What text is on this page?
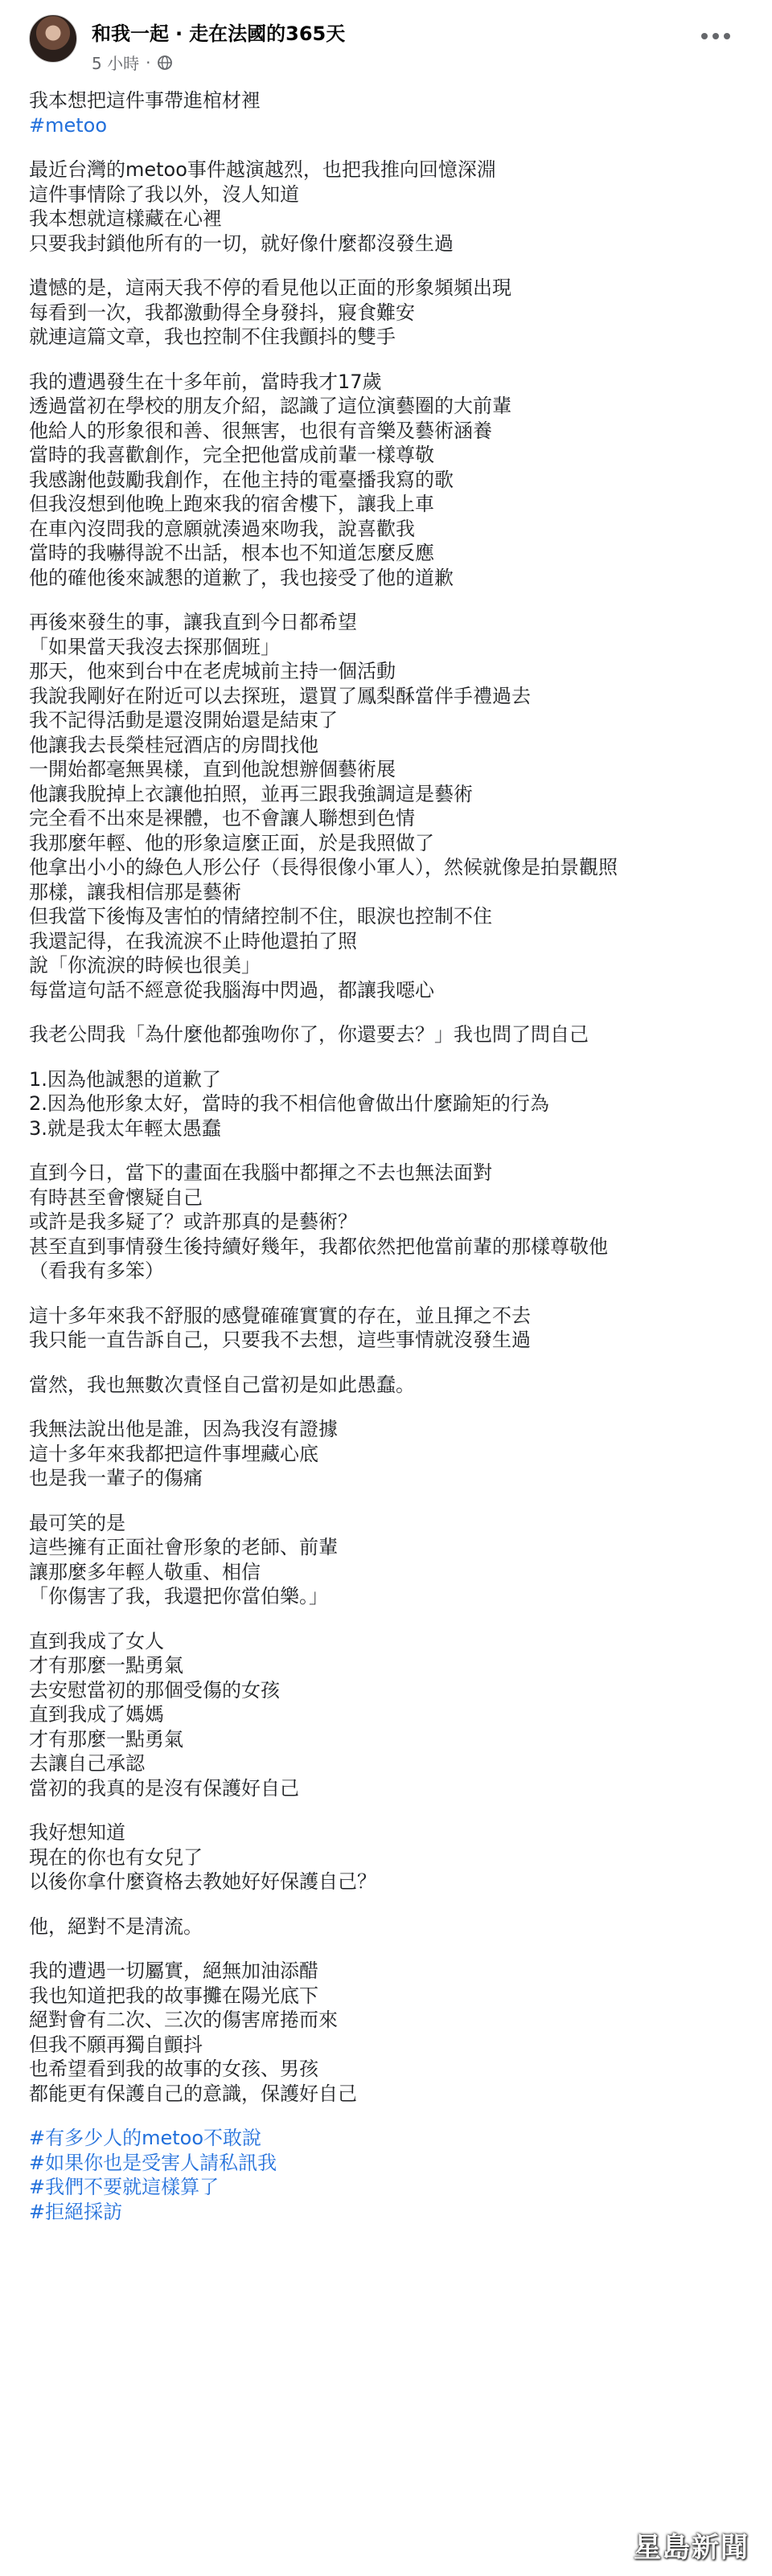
和我一起 · 走在法國的365天
5 小時 ·
我本想把這件事帶進棺材裡
#metoo
最近台灣的metoo事件越演越烈，也把我推向回憶深淵
這件事情除了我以外，沒人知道
我本想就這樣藏在心裡
只要我封鎖他所有的一切，就好像什麼都沒發生過
遺憾的是，這兩天我不停的看見他以正面的形象頻頻出現
每看到一次，我都激動得全身發抖，寢食難安
就連這篇文章，我也控制不住我顫抖的雙手
我的遭遇發生在十多年前，當時我才17歲
透過當初在學校的朋友介紹，認識了這位演藝圈的大前輩
他給人的形象很和善、很無害，也很有音樂及藝術涵養
當時的我喜歡創作，完全把他當成前輩一樣尊敬
我感謝他鼓勵我創作，在他主持的電臺播我寫的歌
但我沒想到他晚上跑來我的宿舍樓下，讓我上車
在車內沒問我的意願就湊過來吻我，說喜歡我
當時的我嚇得說不出話，根本也不知道怎麼反應
他的確他後來誠懇的道歉了，我也接受了他的道歉
再後來發生的事，讓我直到今日都希望
「如果當天我沒去探那個班」
那天，他來到台中在老虎城前主持一個活動
我說我剛好在附近可以去探班，還買了鳳梨酥當伴手禮過去
我不記得活動是還沒開始還是結束了
他讓我去長榮桂冠酒店的房間找他
一開始都毫無異樣，直到他說想辦個藝術展
他讓我脫掉上衣讓他拍照，並再三跟我強調這是藝術
完全看不出來是裸體，也不會讓人聯想到色情
我那麼年輕、他的形象這麼正面，於是我照做了
他拿出小小的綠色人形公仔（長得很像小軍人），然候就像是拍景觀照
那樣，讓我相信那是藝術
但我當下後悔及害怕的情緒控制不住，眼淚也控制不住
我還記得，在我流淚不止時他還拍了照
說「你流淚的時候也很美」
每當這句話不經意從我腦海中閃過，都讓我噁心
我老公問我「為什麼他都強吻你了，你還要去？」我也問了問自己
1.因為他誠懇的道歉了
2.因為他形象太好，當時的我不相信他會做出什麼踰矩的行為
3.就是我太年輕太愚蠢
直到今日，當下的畫面在我腦中都揮之不去也無法面對
有時甚至會懷疑自己
或許是我多疑了？或許那真的是藝術？
甚至直到事情發生後持續好幾年，我都依然把他當前輩的那樣尊敬他
（看我有多笨）
這十多年來我不舒服的感覺確確實實的存在，並且揮之不去
我只能一直告訴自己，只要我不去想，這些事情就沒發生過
當然，我也無數次責怪自己當初是如此愚蠢。
我無法說出他是誰，因為我沒有證據
這十多年來我都把這件事埋藏心底
也是我一輩子的傷痛
最可笑的是
這些擁有正面社會形象的老師、前輩
讓那麼多年輕人敬重、相信
「你傷害了我，我還把你當伯樂。」
直到我成了女人
才有那麼一點勇氣
去安慰當初的那個受傷的女孩
直到我成了媽媽
才有那麼一點勇氣
去讓自己承認
當初的我真的是沒有保護好自己
我好想知道
現在的你也有女兒了
以後你拿什麼資格去教她好好保護自己？
他，絕對不是清流。
我的遭遇一切屬實，絕無加油添醋
我也知道把我的故事攤在陽光底下
絕對會有二次、三次的傷害席捲而來
但我不願再獨自顫抖
也希望看到我的故事的女孩、男孩
都能更有保護自己的意識，保護好自己
#有多少人的metoo不敢說
#如果你也是受害人請私訊我
#我們不要就這樣算了
#拒絕採訪
星島新聞
